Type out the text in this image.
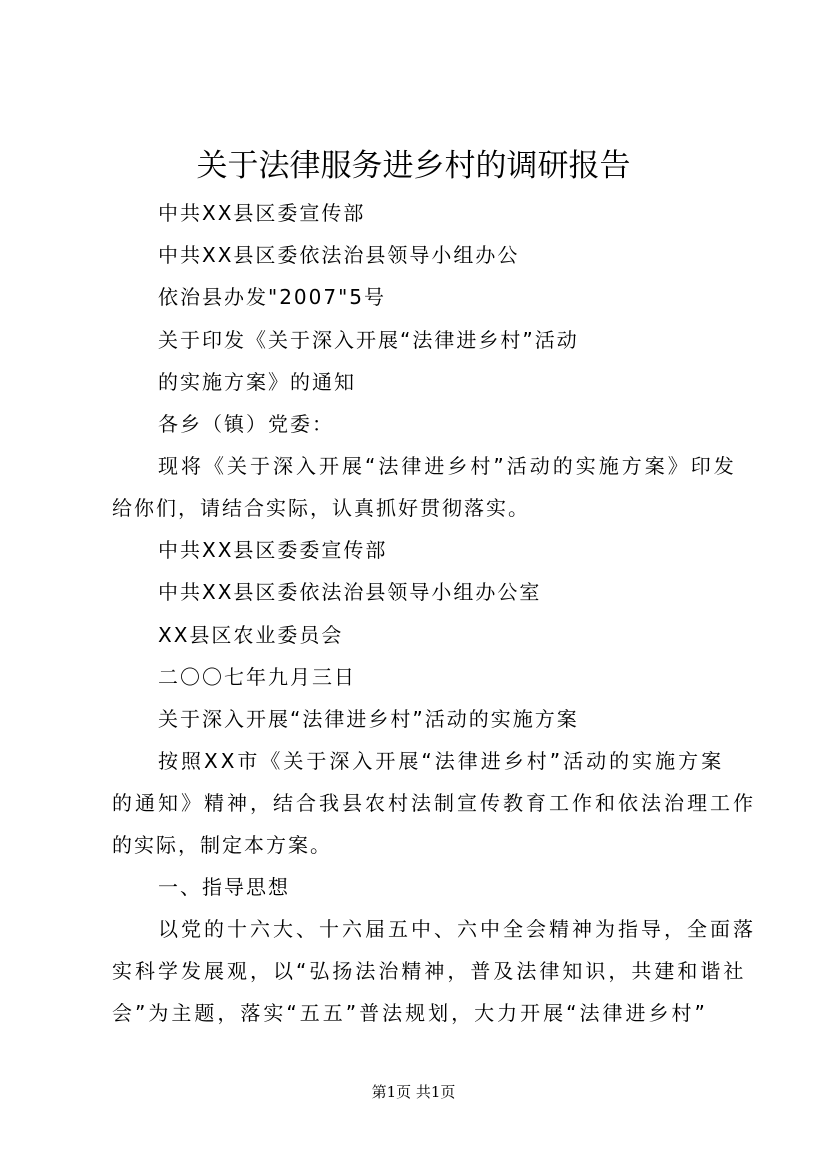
关于法律服务进乡村的调研报告
中共XX县区委宣传部
中共XX县区委依法治县领导小组办公
依治县办发"2007"5号
关于印发《关于深入开展“法律进乡村”活动
的实施方案》的通知
各乡（镇）党委：
现将《关于深入开展“法律进乡村”活动的实施方案》印发
给你们，请结合实际，认真抓好贯彻落实。
中共XX县区委委宣传部
中共XX县区委依法治县领导小组办公室
XX县区农业委员会
二〇〇七年九月三日
关于深入开展“法律进乡村”活动的实施方案
按照XX市《关于深入开展“法律进乡村”活动的实施方案
的通知》精神，结合我县农村法制宣传教育工作和依法治理工作
的实际，制定本方案。
一、指导思想
以党的十六大、十六届五中、六中全会精神为指导，全面落
实科学发展观，以“弘扬法治精神，普及法律知识，共建和谐社
会”为主题，落实“五五”普法规划，大力开展“法律进乡村”
第1页 共1页
